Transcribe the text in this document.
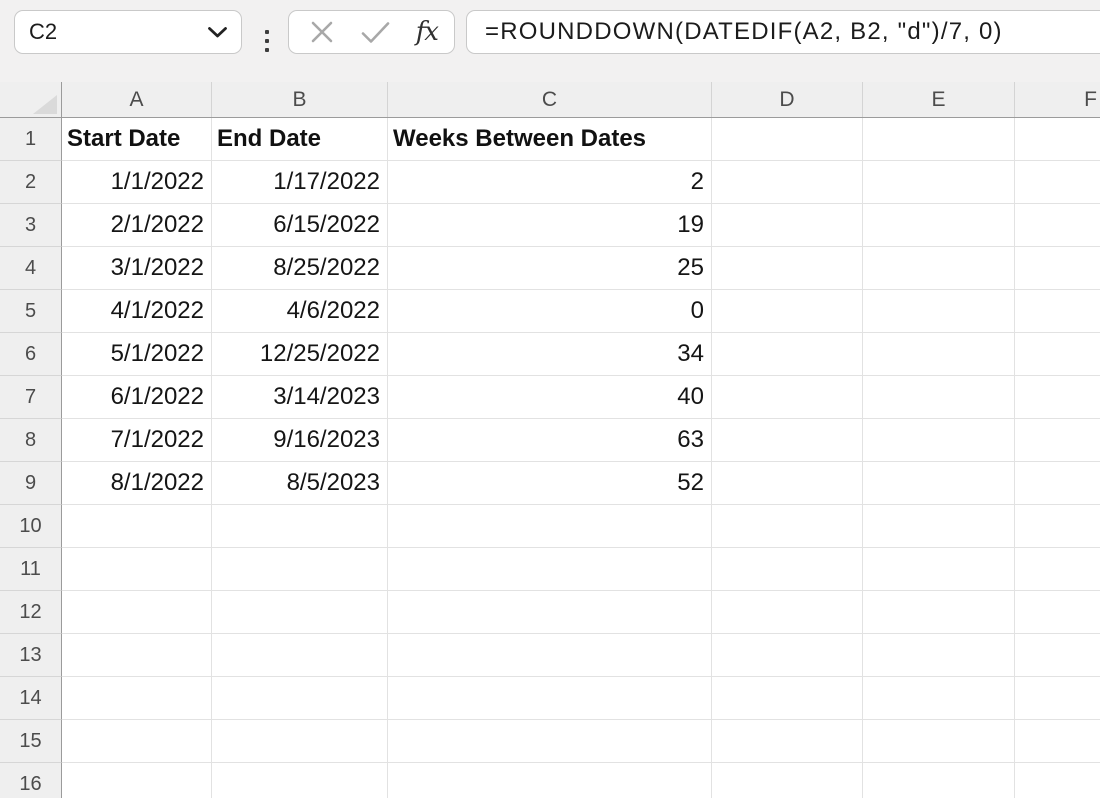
C2	fx	=ROUNDDOWN(DATEDIF(A2, B2, "d")/7, 0)
A	B	C	D	E	F
1	Start Date	End Date	Weeks Between Dates
2	1/1/2022	1/17/2022	2
3	2/1/2022	6/15/2022	19
4	3/1/2022	8/25/2022	25
5	4/1/2022	4/6/2022	0
6	5/1/2022	12/25/2022	34
7	6/1/2022	3/14/2023	40
8	7/1/2022	9/16/2023	63
9	8/1/2022	8/5/2023	52
10
11
12
13
14
15
16
